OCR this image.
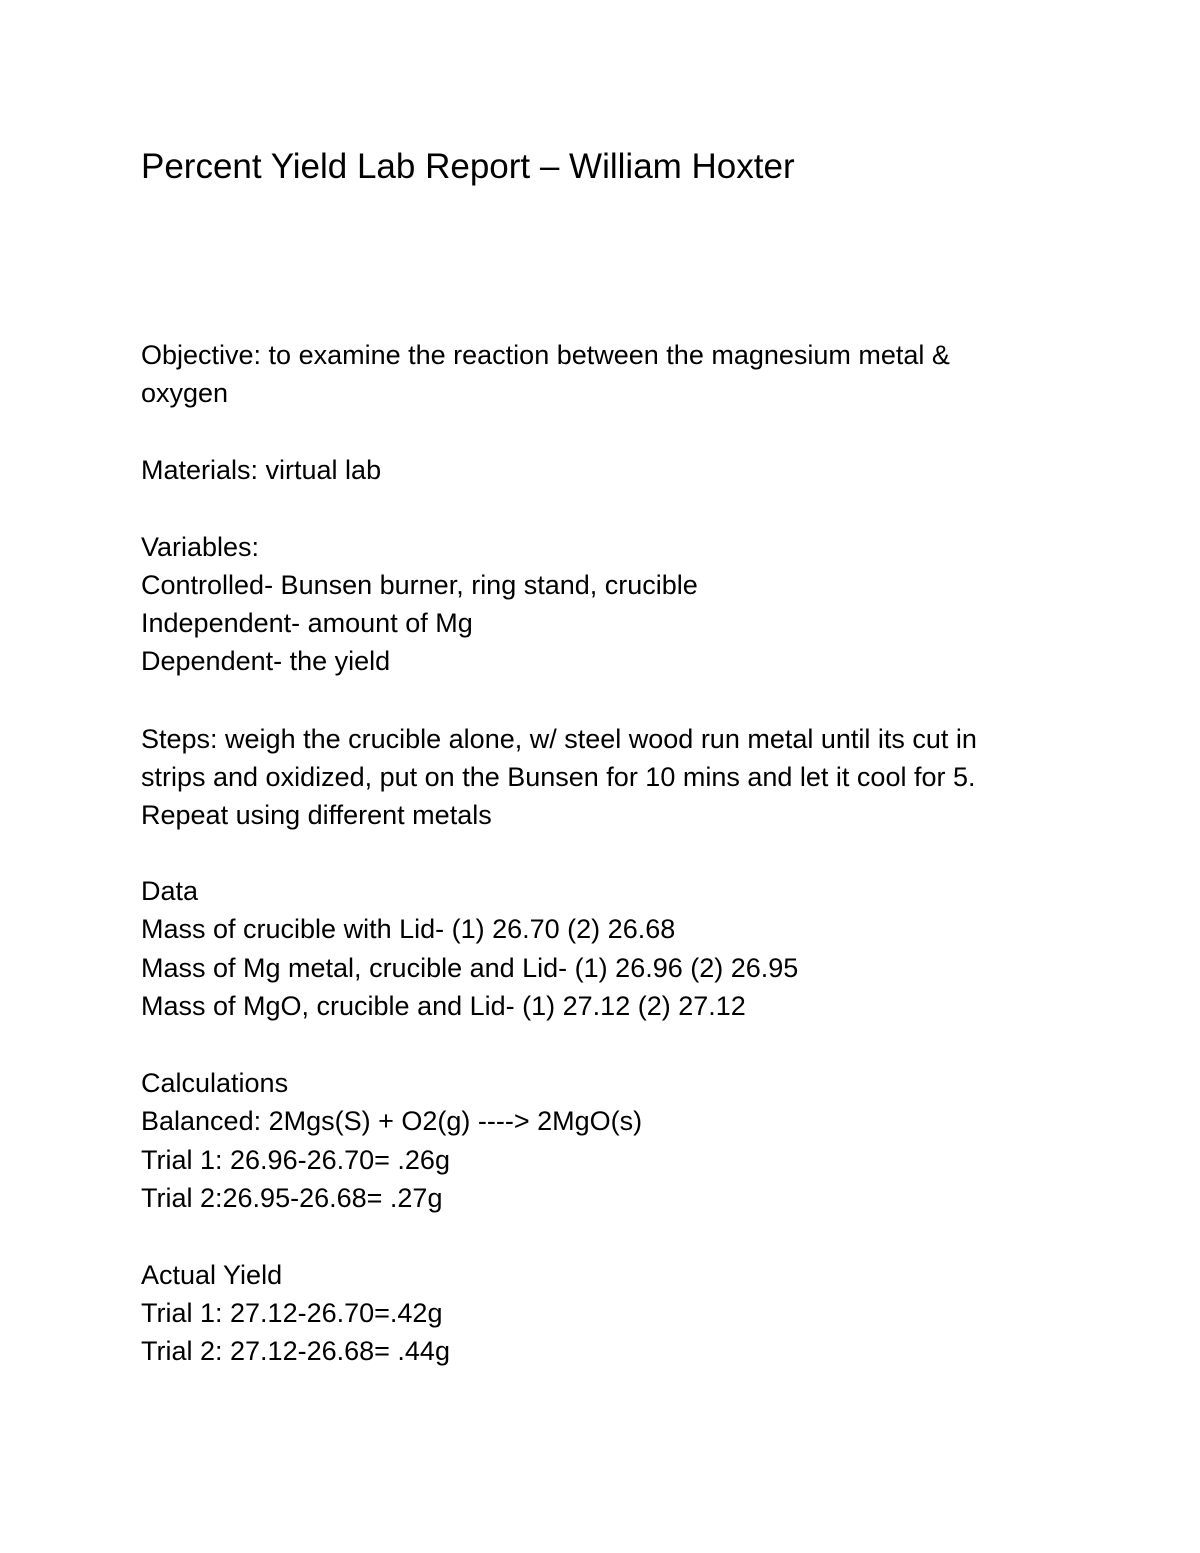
Percent Yield Lab Report – William Hoxter
Objective: to examine the reaction between the magnesium metal &
oxygen
Materials: virtual lab
Variables:
Controlled- Bunsen burner, ring stand, crucible
Independent- amount of Mg
Dependent- the yield
Steps: weigh the crucible alone, w/ steel wood run metal until its cut in
strips and oxidized, put on the Bunsen for 10 mins and let it cool for 5.
Repeat using different metals
Data
Mass of crucible with Lid- (1) 26.70 (2) 26.68
Mass of Mg metal, crucible and Lid- (1) 26.96 (2) 26.95
Mass of MgO, crucible and Lid- (1) 27.12 (2) 27.12
Calculations
Balanced: 2Mgs(S) + O2(g) ----> 2MgO(s)
Trial 1: 26.96-26.70= .26g
Trial 2:26.95-26.68= .27g
Actual Yield
Trial 1: 27.12-26.70=.42g
Trial 2: 27.12-26.68= .44g
